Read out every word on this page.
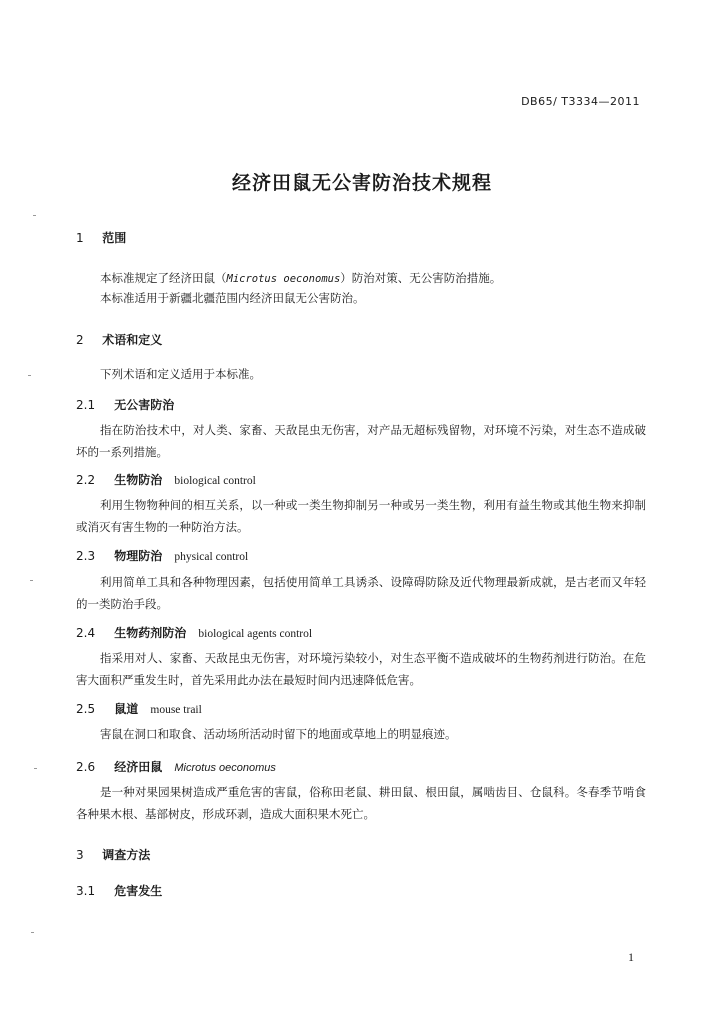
DB65/ T3334—2011
经济田鼠无公害防治技术规程
1 范围
本标准规定了经济田鼠（Microtus oeconomus）防治对策、无公害防治措施。
本标准适用于新疆北疆范围内经济田鼠无公害防治。
2 术语和定义
下列术语和定义适用于本标准。
2.1 无公害防治
指在防治技术中，对人类、家畜、天敌昆虫无伤害，对产品无超标残留物，对环境不污染，对生态不造成破坏的一系列措施。
2.2 生物防治 biological control
利用生物物种间的相互关系，以一种或一类生物抑制另一种或另一类生物，利用有益生物或其他生物来抑制或消灭有害生物的一种防治方法。
2.3 物理防治 physical control
利用简单工具和各种物理因素，包括使用简单工具诱杀、设障碍防除及近代物理最新成就，是古老而又年轻的一类防治手段。
2.4 生物药剂防治 biological agents control
指采用对人、家畜、天敌昆虫无伤害，对环境污染较小，对生态平衡不造成破坏的生物药剂进行防治。在危害大面积严重发生时，首先采用此办法在最短时间内迅速降低危害。
2.5 鼠道 mouse trail
害鼠在洞口和取食、活动场所活动时留下的地面或草地上的明显痕迹。
2.6 经济田鼠 Microtus oeconomus
是一种对果园果树造成严重危害的害鼠，俗称田老鼠、耕田鼠、根田鼠，属啮齿目、仓鼠科。冬春季节啃食各种果木根、基部树皮，形成环剥，造成大面积果木死亡。
3 调查方法
3.1 危害发生
1
